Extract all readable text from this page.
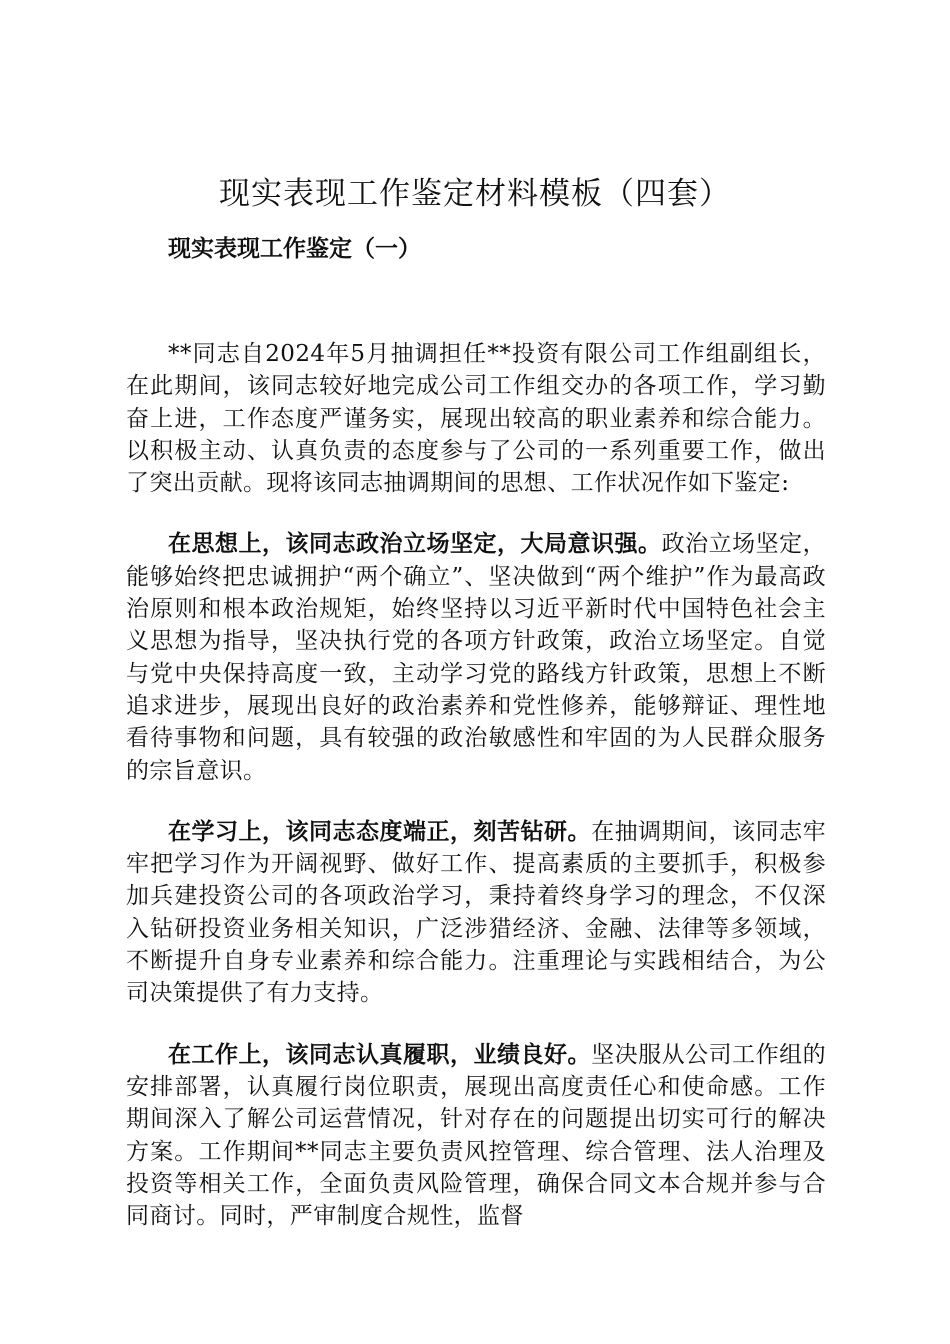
现实表现工作鉴定材料模板（四套）
现实表现工作鉴定（一）

**同志自2024年5月抽调担任**投资有限公司工作组副组长，在此期间，该同志较好地完成公司工作组交办的各项工作，学习勤奋上进，工作态度严谨务实，展现出较高的职业素养和综合能力。以积极主动、认真负责的态度参与了公司的一系列重要工作，做出了突出贡献。现将该同志抽调期间的思想、工作状况作如下鉴定:

在思想上，该同志政治立场坚定，大局意识强。政治立场坚定，能够始终把忠诚拥护“两个确立”、坚决做到“两个维护”作为最高政治原则和根本政治规矩，始终坚持以习近平新时代中国特色社会主义思想为指导，坚决执行党的各项方针政策，政治立场坚定。自觉与党中央保持高度一致，主动学习党的路线方针政策，思想上不断追求进步，展现出良好的政治素养和党性修养，能够辩证、理性地看待事物和问题，具有较强的政治敏感性和牢固的为人民群众服务的宗旨意识。

在学习上，该同志态度端正，刻苦钻研。在抽调期间，该同志牢牢把学习作为开阔视野、做好工作、提高素质的主要抓手，积极参加兵建投资公司的各项政治学习，秉持着终身学习的理念，不仅深入钻研投资业务相关知识，广泛涉猎经济、金融、法律等多领域，不断提升自身专业素养和综合能力。注重理论与实践相结合，为公司决策提供了有力支持。

在工作上，该同志认真履职，业绩良好。坚决服从公司工作组的安排部署，认真履行岗位职责，展现出高度责任心和使命感。工作期间深入了解公司运营情况，针对存在的问题提出切实可行的解决方案。工作期间**同志主要负责风控管理、综合管理、法人治理及投资等相关工作，全面负责风险管理，确保合同文本合规并参与合同商讨。同时，严审制度合规性，监督
